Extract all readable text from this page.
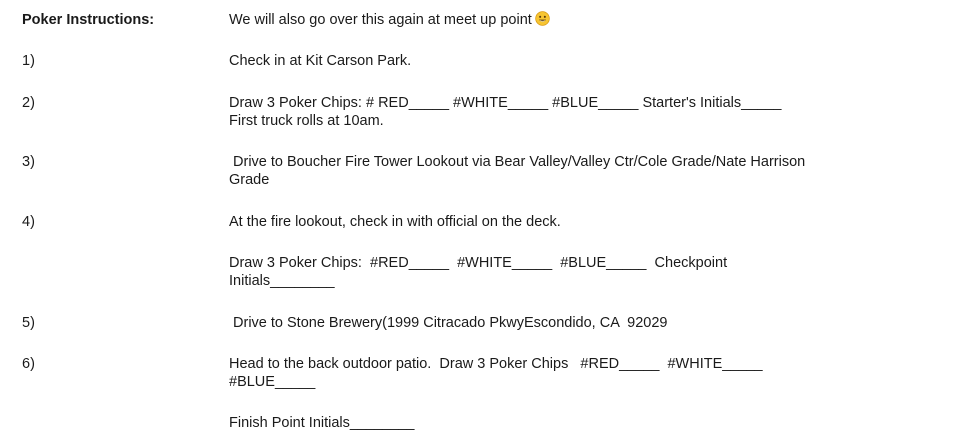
Poker Instructions:	We will also go over this again at meet up point
1)	Check in at Kit Carson Park.
2)	Draw 3 Poker Chips: # RED_____ #WHITE_____ #BLUE_____ Starter's Initials_____
First truck rolls at 10am.
3)	Drive to Boucher Fire Tower Lookout via Bear Valley/Valley Ctr/Cole Grade/Nate Harrison
Grade
4)	At the fire lookout, check in with official on the deck.
Draw 3 Poker Chips:  #RED_____  #WHITE_____  #BLUE_____  Checkpoint
Initials________
5)	Drive to Stone Brewery(1999 Citracado PkwyEscondido, CA  92029
6)	Head to the back outdoor patio.  Draw 3 Poker Chips   #RED_____  #WHITE_____
#BLUE_____
Finish Point Initials________
